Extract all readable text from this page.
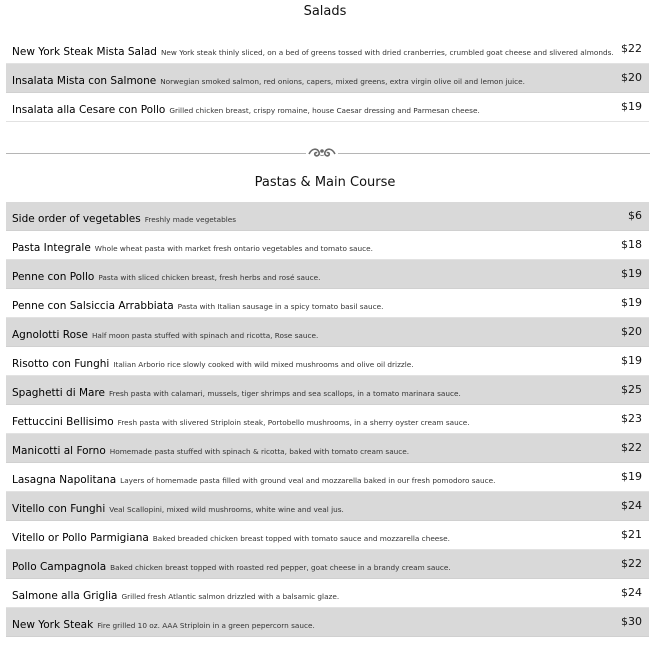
Salads
New York Steak Mista Salad New York steak thinly sliced, on a bed of greens tossed with dried cranberries, crumbled goat cheese and slivered almonds. $22
Insalata Mista con Salmone Norwegian smoked salmon, red onions, capers, mixed greens, extra virgin olive oil and lemon juice.	$20
Insalata alla Cesare con Pollo Grilled chicken breast, crispy romaine, house Caesar dressing and Parmesan cheese.	$19
Pastas & Main Course
Side order of vegetables Freshly made vegetables	$6
Pasta Integrale Whole wheat pasta with market fresh ontario vegetables and tomato sauce.	$18
Penne con Pollo Pasta with sliced chicken breast, fresh herbs and rosé sauce.	$19
Penne con Salsiccia Arrabbiata Pasta with Italian sausage in a spicy tomato basil sauce.	$19
Agnolotti Rose Half moon pasta stuffed with spinach and ricotta, Rose sauce.	$20
Risotto con Funghi Italian Arborio rice slowly cooked with wild mixed mushrooms and olive oil drizzle.	$19
Spaghetti di Mare Fresh pasta with calamari, mussels, tiger shrimps and sea scallops, in a tomato marinara sauce.	$25
Fettuccini Bellisimo Fresh pasta with slivered Striploin steak, Portobello mushrooms, in a sherry oyster cream sauce.	$23
Manicotti al Forno Homemade pasta stuffed with spinach & ricotta, baked with tomato cream sauce.	$22
Lasagna Napolitana Layers of homemade pasta filled with ground veal and mozzarella baked in our fresh pomodoro sauce.	$19
Vitello con Funghi Veal Scallopini, mixed wild mushrooms, white wine and veal jus.	$24
Vitello or Pollo Parmigiana Baked breaded chicken breast topped with tomato sauce and mozzarella cheese.	$21
Pollo Campagnola Baked chicken breast topped with roasted red pepper, goat cheese in a brandy cream sauce.	$22
Salmone alla Griglia Grilled fresh Atlantic salmon drizzled with a balsamic glaze.	$24
New York Steak Fire grilled 10 oz. AAA Striploin in a green pepercorn sauce.	$30
